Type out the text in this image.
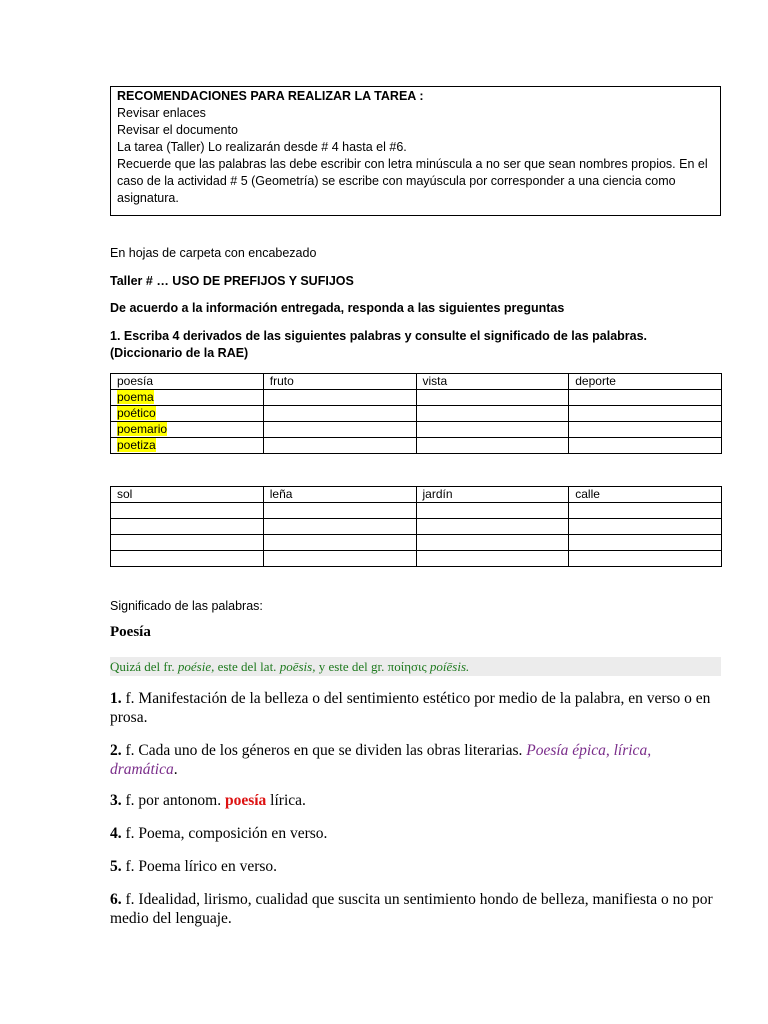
RECOMENDACIONES PARA REALIZAR LA TAREA :
Revisar enlaces
Revisar el documento
La tarea (Taller) Lo realizarán desde # 4 hasta el #6.
Recuerde que las palabras las debe escribir con letra minúscula a no ser que sean nombres propios. En el caso de la actividad # 5 (Geometría) se escribe con mayúscula por corresponder a una ciencia como asignatura.
En hojas de carpeta con encabezado
Taller # … USO DE PREFIJOS Y SUFIJOS
De acuerdo a la información entregada, responda a las siguientes preguntas
1. Escriba 4 derivados de las siguientes palabras y consulte el significado de las palabras. (Diccionario de la RAE)
poesía	fruto	vista	deporte
poema			
poético			
poemario			
poetiza			
sol	leña	jardín	calle

Significado de las palabras:
Poesía
Quizá del fr. poésie, este del lat. poēsis, y este del gr. ποίησις poíēsis.
1. f. Manifestación de la belleza o del sentimiento estético por medio de la palabra, en verso o en prosa.
2. f. Cada uno de los géneros en que se dividen las obras literarias. Poesía épica, lírica, dramática.
3. f. por antonom. poesía lírica.
4. f. Poema, composición en verso.
5. f. Poema lírico en verso.
6. f. Idealidad, lirismo, cualidad que suscita un sentimiento hondo de belleza, manifiesta o no por medio del lenguaje.
